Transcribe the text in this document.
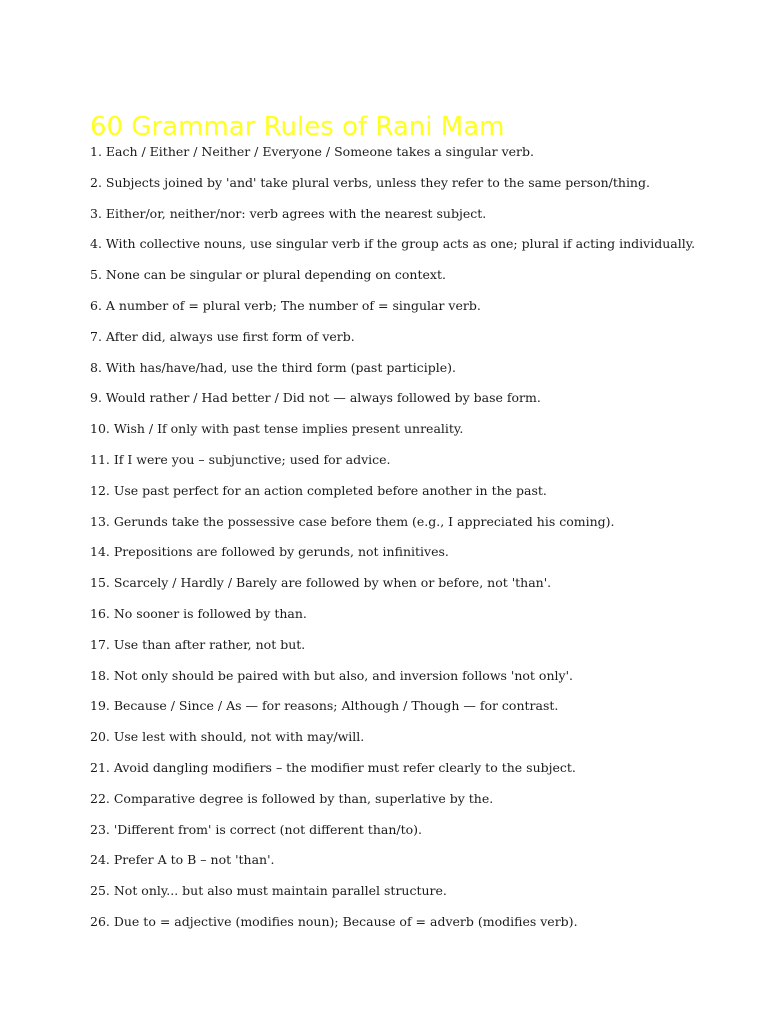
60 Grammar Rules of Rani Mam
1. Each / Either / Neither / Everyone / Someone takes a singular verb.
2. Subjects joined by 'and' take plural verbs, unless they refer to the same person/thing.
3. Either/or, neither/nor: verb agrees with the nearest subject.
4. With collective nouns, use singular verb if the group acts as one; plural if acting individually.
5. None can be singular or plural depending on context.
6. A number of = plural verb; The number of = singular verb.
7. After did, always use first form of verb.
8. With has/have/had, use the third form (past participle).
9. Would rather / Had better / Did not — always followed by base form.
10. Wish / If only with past tense implies present unreality.
11. If I were you – subjunctive; used for advice.
12. Use past perfect for an action completed before another in the past.
13. Gerunds take the possessive case before them (e.g., I appreciated his coming).
14. Prepositions are followed by gerunds, not infinitives.
15. Scarcely / Hardly / Barely are followed by when or before, not 'than'.
16. No sooner is followed by than.
17. Use than after rather, not but.
18. Not only should be paired with but also, and inversion follows 'not only'.
19. Because / Since / As — for reasons; Although / Though — for contrast.
20. Use lest with should, not with may/will.
21. Avoid dangling modifiers – the modifier must refer clearly to the subject.
22. Comparative degree is followed by than, superlative by the.
23. 'Different from' is correct (not different than/to).
24. Prefer A to B – not 'than'.
25. Not only... but also must maintain parallel structure.
26. Due to = adjective (modifies noun); Because of = adverb (modifies verb).
